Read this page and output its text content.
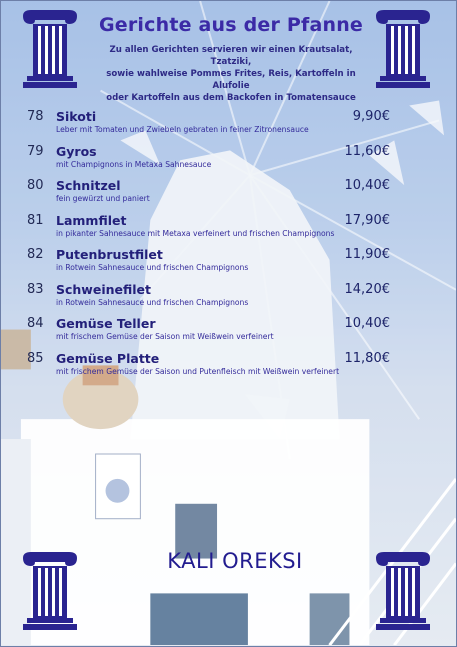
Gerichte aus der Pfanne
Zu allen Gerichten servieren wir einen Krautsalat, Tzatziki,
sowie wahlweise Pommes Frites, Reis, Kartoffeln in Alufolie
oder Kartoffeln aus dem Backofen in Tomatensauce
78 Sikoti	9,90€
Leber mit Tomaten und Zwiebeln gebraten in feiner Zitronensauce
79 Gyros	11,60€
mit Champignons in Metaxa Sahnesauce
80 Schnitzel	10,40€
fein gewürzt und paniert
81 Lammfilet	17,90€
in pikanter Sahnesauce mit Metaxa verfeinert und frischen Champignons
82 Putenbrustfilet	11,90€
in Rotwein Sahnesauce und frischen Champignons
83 Schweinefilet	14,20€
in Rotwein Sahnesauce und frischen Champignons
84 Gemüse Teller	10,40€
mit frischem Gemüse der Saison mit Weißwein verfeinert
85 Gemüse Platte	11,80€
mit frischem Gemüse der Saison und Putenfleisch mit Weißwein verfeinert
KALI OREKSI
